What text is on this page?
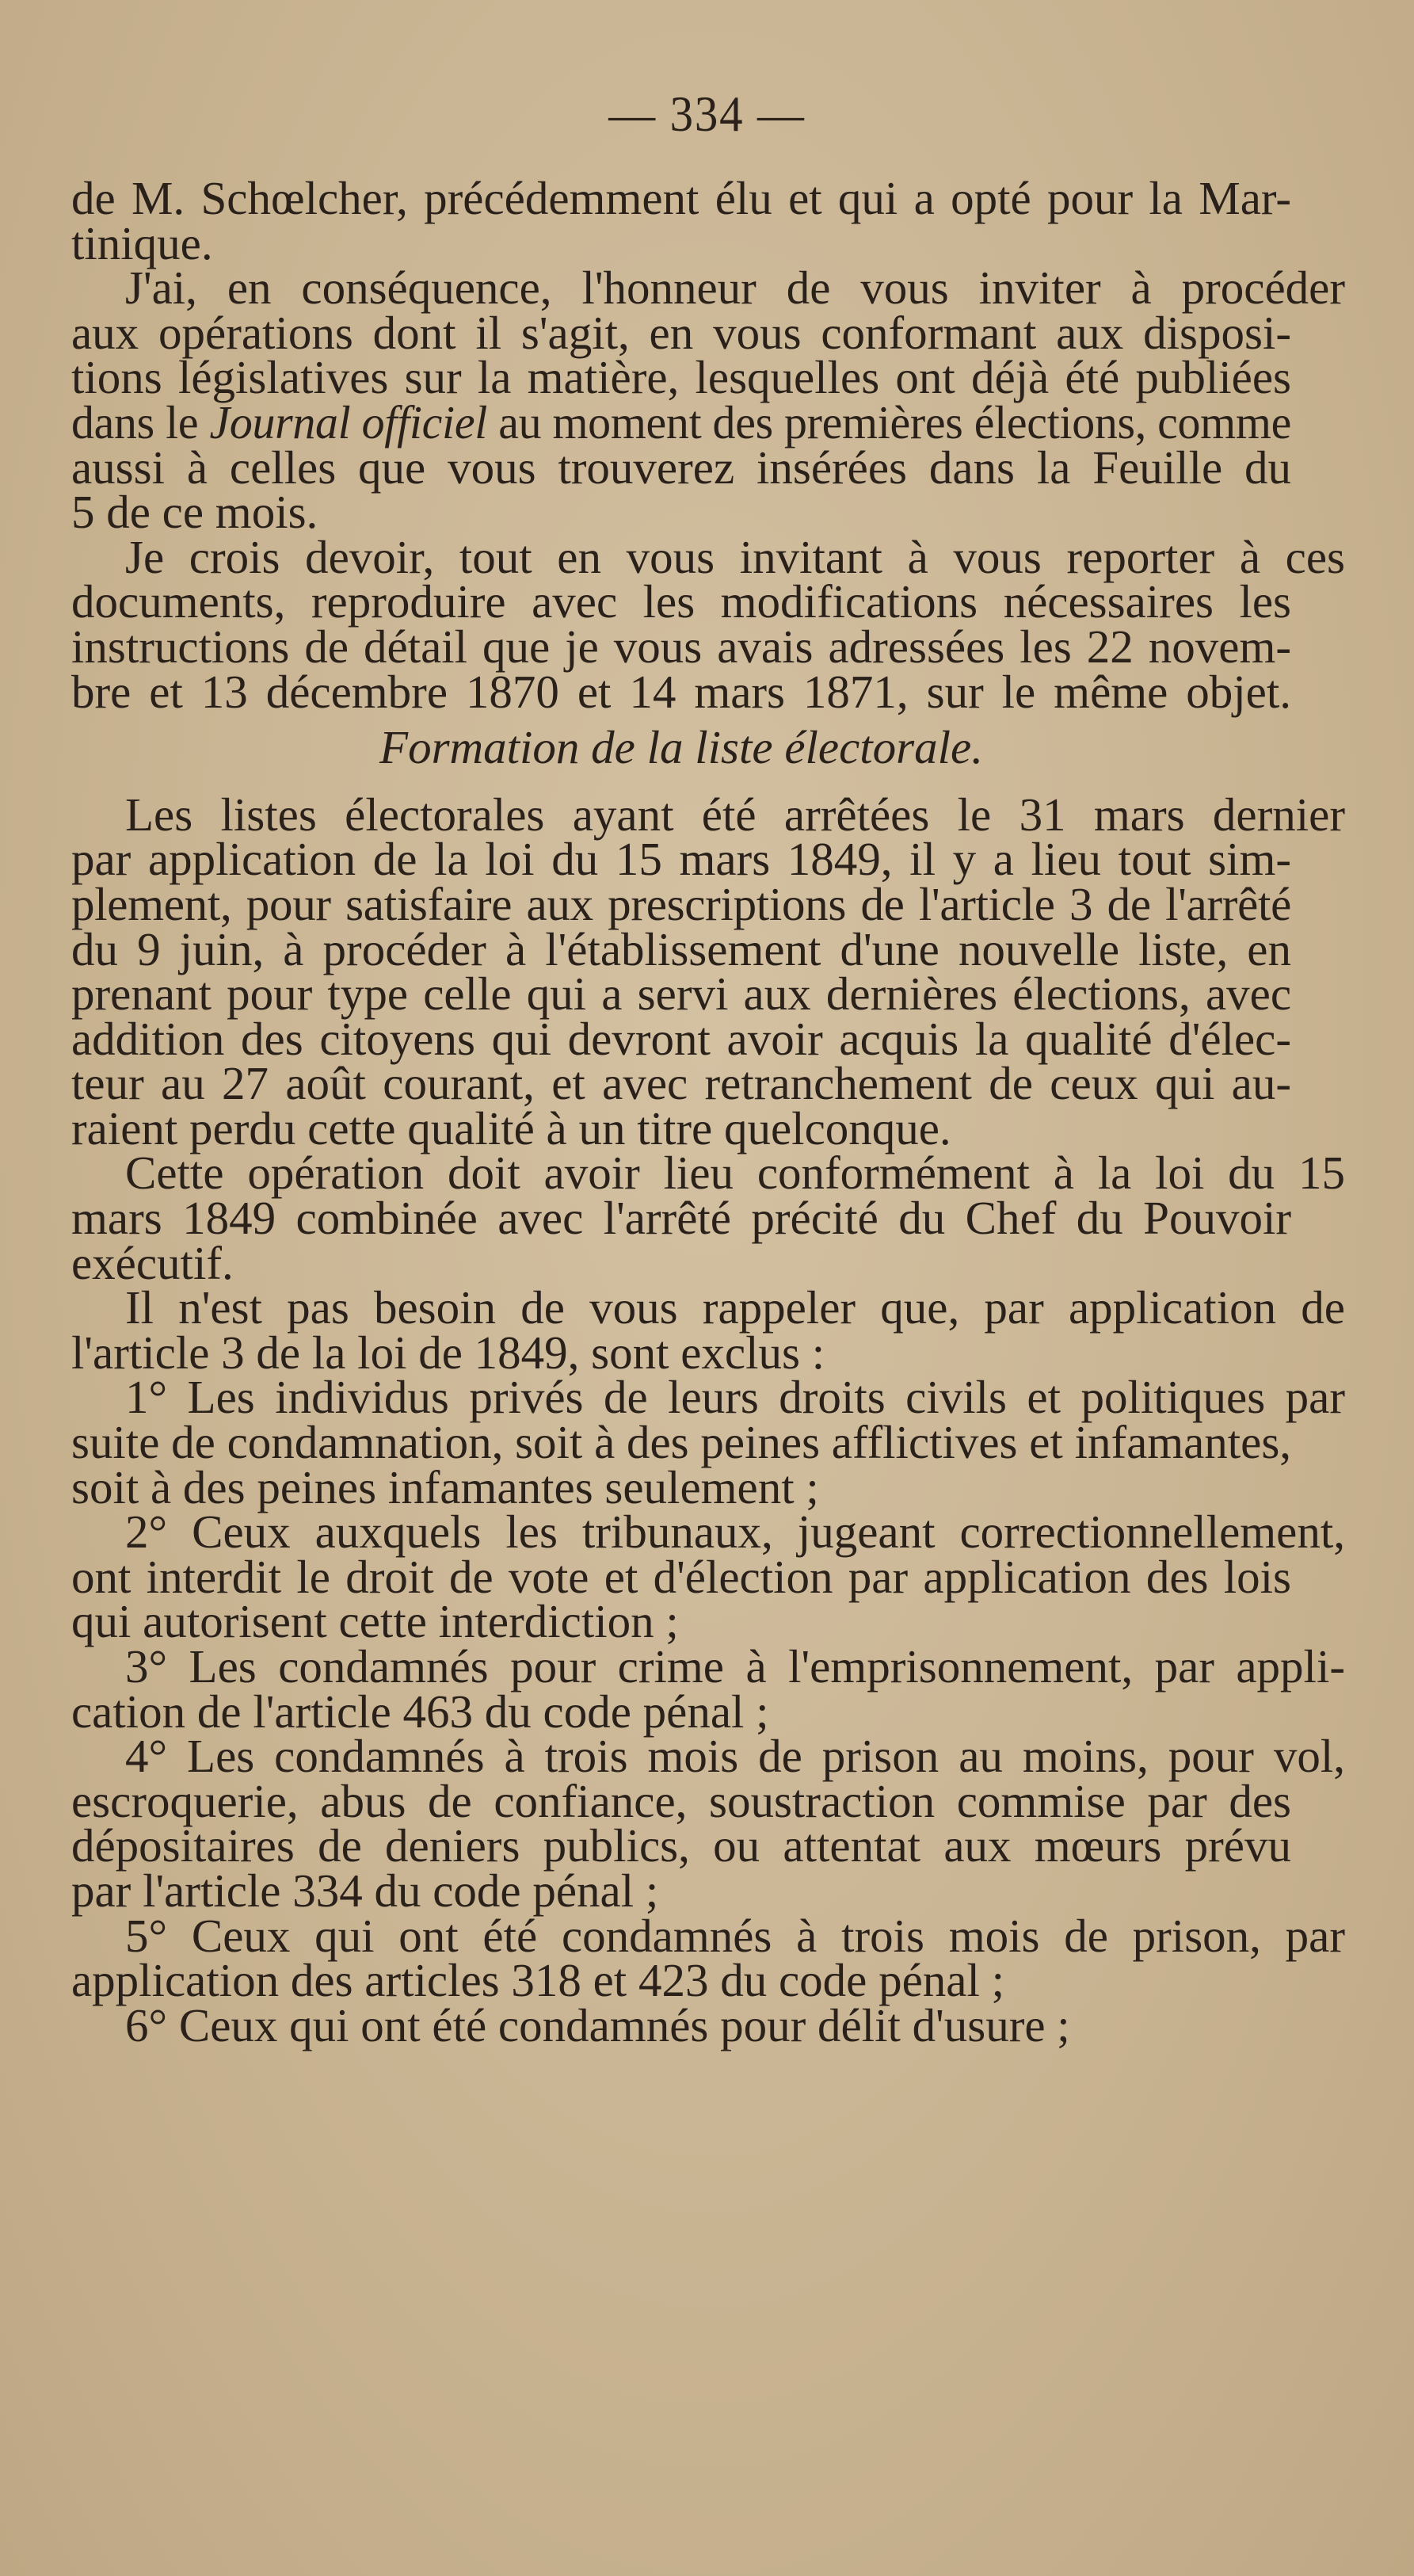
— 334 —
de M. Schœlcher, précédemment élu et qui a opté pour la Mar-
tinique.
J'ai, en conséquence, l'honneur de vous inviter à procéder
aux opérations dont il s'agit, en vous conformant aux disposi-
tions législatives sur la matière, lesquelles ont déjà été publiées
dans le Journal officiel au moment des premières élections, comme
aussi à celles que vous trouverez insérées dans la Feuille du
5 de ce mois.
Je crois devoir, tout en vous invitant à vous reporter à ces
documents, reproduire avec les modifications nécessaires les
instructions de détail que je vous avais adressées les 22 novem-
bre et 13 décembre 1870 et 14 mars 1871, sur le même objet.
Formation de la liste électorale.
Les listes électorales ayant été arrêtées le 31 mars dernier
par application de la loi du 15 mars 1849, il y a lieu tout sim-
plement, pour satisfaire aux prescriptions de l'article 3 de l'arrêté
du 9 juin, à procéder à l'établissement d'une nouvelle liste, en
prenant pour type celle qui a servi aux dernières élections, avec
addition des citoyens qui devront avoir acquis la qualité d'élec-
teur au 27 août courant, et avec retranchement de ceux qui au-
raient perdu cette qualité à un titre quelconque.
Cette opération doit avoir lieu conformément à la loi du 15
mars 1849 combinée avec l'arrêté précité du Chef du Pouvoir
exécutif.
Il n'est pas besoin de vous rappeler que, par application de
l'article 3 de la loi de 1849, sont exclus :
1° Les individus privés de leurs droits civils et politiques par
suite de condamnation, soit à des peines afflictives et infamantes,
soit à des peines infamantes seulement ;
2° Ceux auxquels les tribunaux, jugeant correctionnellement,
ont interdit le droit de vote et d'élection par application des lois
qui autorisent cette interdiction ;
3° Les condamnés pour crime à l'emprisonnement, par appli-
cation de l'article 463 du code pénal ;
4° Les condamnés à trois mois de prison au moins, pour vol,
escroquerie, abus de confiance, soustraction commise par des
dépositaires de deniers publics, ou attentat aux mœurs prévu
par l'article 334 du code pénal ;
5° Ceux qui ont été condamnés à trois mois de prison, par
application des articles 318 et 423 du code pénal ;
6° Ceux qui ont été condamnés pour délit d'usure ;
